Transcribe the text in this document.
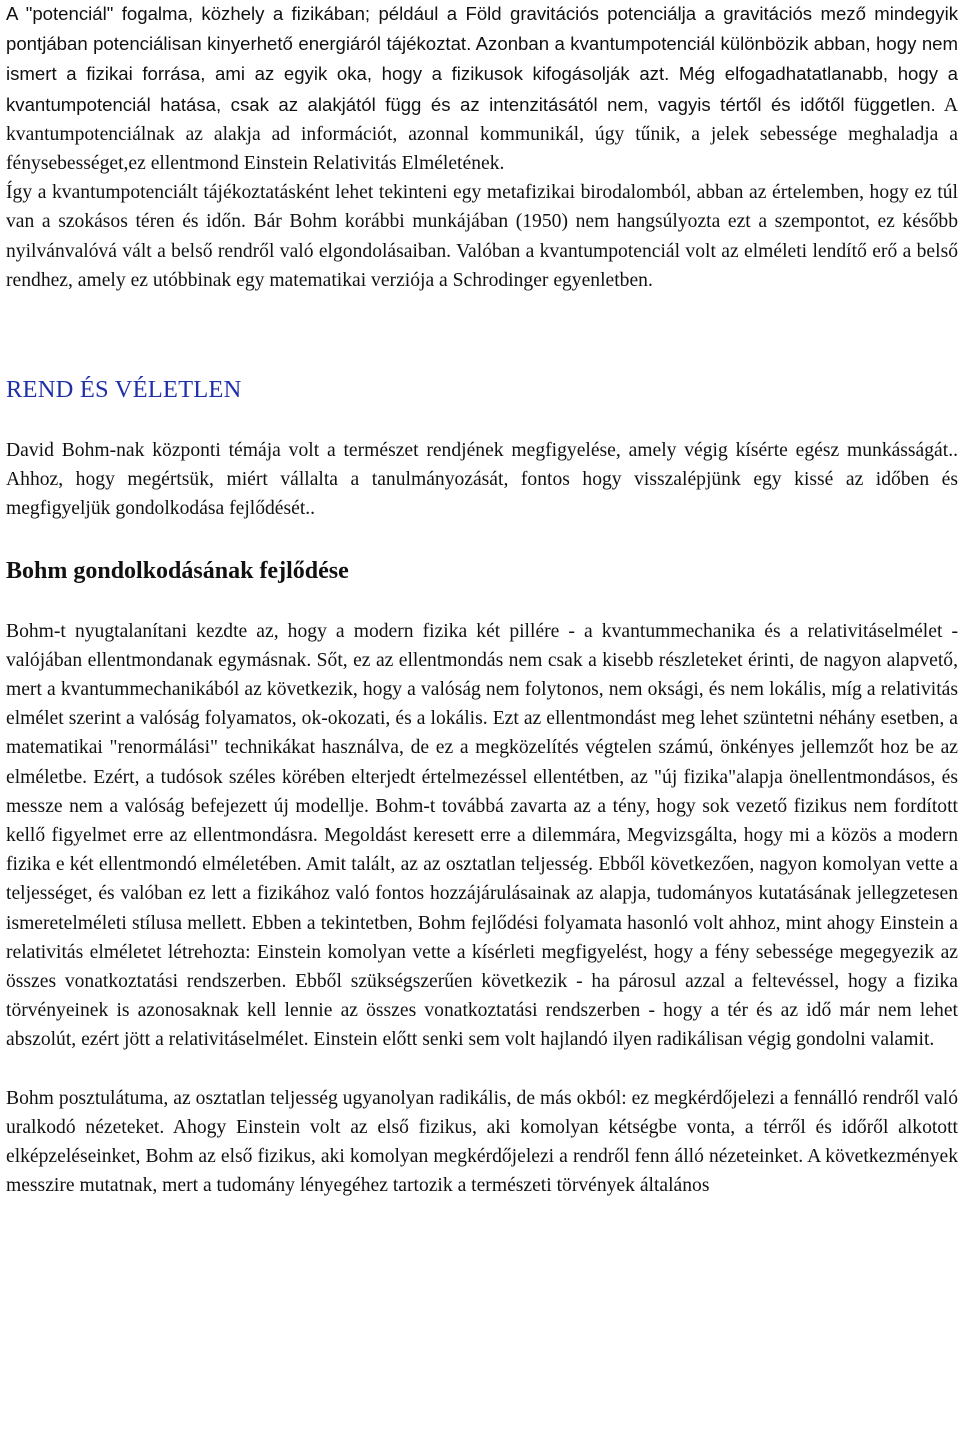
A "potenciál" fogalma, közhely a fizikában; például a Föld gravitációs potenciálja a gravitációs mező mindegyik pontjában potenciálisan kinyerhető energiáról tájékoztat. Azonban a kvantumpotenciál különbözik abban, hogy nem ismert a fizikai forrása, ami az egyik oka, hogy a fizikusok kifogásolják azt. Még elfogadhatatlanabb, hogy a kvantumpotenciál hatása, csak az alakjától függ és az intenzitásától nem, vagyis tértől és időtől független. A kvantumpotenciálnak az alakja ad információt, azonnal kommunikál, úgy tűnik, a jelek sebessége meghaladja a fénysebességet,ez ellentmond Einstein Relativitás Elméletének.

Így a kvantumpotenciált tájékoztatásként lehet tekinteni egy metafizikai birodalomból, abban az értelemben, hogy ez túl van a szokásos téren és időn. Bár Bohm korábbi munkájában (1950) nem hangsúlyozta ezt a szempontot, ez később nyilvánvalóvá vált a belső rendről való elgondolásaiban. Valóban a kvantumpotenciál volt az elméleti lendítő erő a belső rendhez, amely ez utóbbinak egy matematikai verziója a Schrodinger egyenletben.

REND ÉS VÉLETLEN

David Bohm-nak központi témája volt a természet rendjének megfigyelése, amely végig kísérte egész munkásságát.. Ahhoz, hogy megértsük, miért vállalta a tanulmányozását, fontos hogy visszalépjünk egy kissé az időben és megfigyeljük gondolkodása fejlődését..

Bohm gondolkodásának fejlődése

Bohm-t nyugtalanítani kezdte az, hogy a modern fizika két pillére - a kvantummechanika és a relativitáselmélet - valójában ellentmondanak egymásnak. Sőt, ez az ellentmondás nem csak a kisebb részleteket érinti, de nagyon alapvető, mert a kvantummechanikából az következik, hogy a valóság nem folytonos, nem oksági, és nem lokális, míg a relativitás elmélet szerint a valóság folyamatos, ok-okozati, és a lokális. Ezt az ellentmondást meg lehet szüntetni néhány esetben, a matematikai "renormálási" technikákat használva, de ez a megközelítés végtelen számú, önkényes jellemzőt hoz be az elméletbe. Ezért, a tudósok széles körében elterjedt értelmezéssel ellentétben, az "új fizika"alapja önellentmondásos, és messze nem a valóság befejezett új modellje. Bohm-t továbbá zavarta az a tény, hogy sok vezető fizikus nem fordított kellő figyelmet erre az ellentmondásra. Megoldást keresett erre a dilemmára, Megvizsgálta, hogy mi a közös a modern fizika e két ellentmondó elméletében. Amit talált, az az osztatlan teljesség. Ebből következően, nagyon komolyan vette a teljességet, és valóban ez lett a fizikához való fontos hozzájárulásainak az alapja, tudományos kutatásának jellegzetesen ismeretelméleti stílusa mellett. Ebben a tekintetben, Bohm fejlődési folyamata hasonló volt ahhoz, mint ahogy Einstein a relativitás elméletet létrehozta: Einstein komolyan vette a kísérleti megfigyelést, hogy a fény sebessége megegyezik az összes vonatkoztatási rendszerben. Ebből szükségszerűen következik - ha párosul azzal a feltevéssel, hogy a fizika törvényeinek is azonosaknak kell lennie az összes vonatkoztatási rendszerben - hogy a tér és az idő már nem lehet abszolút, ezért jött a relativitáselmélet. Einstein előtt senki sem volt hajlandó ilyen radikálisan végig gondolni valamit.

Bohm posztulátuma, az osztatlan teljesség ugyanolyan radikális, de más okból: ez megkérdőjelezi a fennálló rendről való uralkodó nézeteket. Ahogy Einstein volt az első fizikus, aki komolyan kétségbe vonta, a térről és időről alkotott elképzeléseinket, Bohm az első fizikus, aki komolyan megkérdőjelezi a rendről fenn álló nézeteinket. A következmények messzire mutatnak, mert a tudomány lényegéhez tartozik a természeti törvények általános
